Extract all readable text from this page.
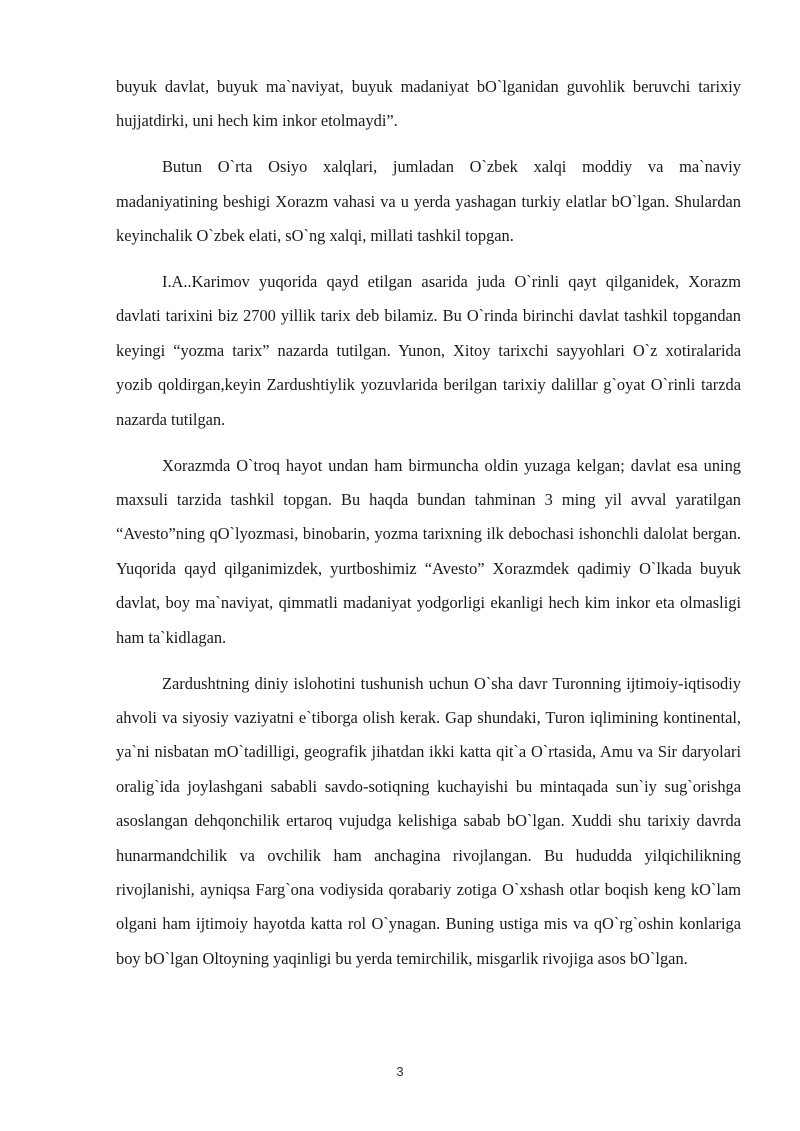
buyuk davlat, buyuk ma`naviyat, buyuk madaniyat bO`lganidan guvohlik beruvchi tarixiy hujjatdirki, uni hech kim inkor etolmaydi”.

Butun O`rta Osiyo xalqlari, jumladan O`zbek xalqi moddiy va ma`naviy madaniyatining beshigi Xorazm vahasi va u yerda yashagan turkiy elatlar bO`lgan. Shulardan keyinchalik O`zbek elati, sO`ng xalqi, millati tashkil topgan.

I.A..Karimov yuqorida qayd etilgan asarida juda O`rinli qayt qilganidek, Xorazm davlati tarixini biz 2700 yillik tarix deb bilamiz. Bu O`rinda birinchi davlat tashkil topgandan keyingi “yozma tarix” nazarda tutilgan. Yunon, Xitoy tarixchi sayyohlari O`z xotiralarida yozib qoldirgan,keyin Zardushtiylik yozuvlarida berilgan tarixiy dalillar g`oyat O`rinli tarzda nazarda tutilgan.

Xorazmda O`troq hayot undan ham birmuncha oldin yuzaga kelgan; davlat esa uning maxsuli tarzida tashkil topgan. Bu haqda bundan tahminan 3 ming yil avval yaratilgan “Avesto”ning qO`lyozmasi, binobarin, yozma tarixning ilk debochasi ishonchli dalolat bergan. Yuqorida qayd qilganimizdek, yurtboshimiz “Avesto” Xorazmdek qadimiy O`lkada buyuk davlat, boy ma`naviyat, qimmatli madaniyat yodgorligi ekanligi hech kim inkor eta olmasligi ham ta`kidlagan.

Zardushtning diniy islohotini tushunish uchun O`sha davr Turonning ijtimoiy-iqtisodiy ahvoli va siyosiy vaziyatni e`tiborga olish kerak. Gap shundaki, Turon iqlimining kontinental, ya`ni nisbatan mO`tadilligi, geografik jihatdan ikki katta qit`a O`rtasida, Amu va Sir daryolari oralig`ida joylashgani sababli savdo-sotiqning kuchayishi bu mintaqada sun`iy sug`orishga asoslangan dehqonchilik ertaroq vujudga kelishiga sabab bO`lgan. Xuddi shu tarixiy davrda hunarmandchilik va ovchilik ham anchagina rivojlangan. Bu hududda yilqichilikning rivojlanishi, ayniqsa Farg`ona vodiysida qorabariy zotiga O`xshash otlar boqish keng kO`lam olgani ham ijtimoiy hayotda katta rol O`ynagan. Buning ustiga mis va qO`rg`oshin konlariga boy bO`lgan Oltoyning yaqinligi bu yerda temirchilik, misgarlik rivojiga asos bO`lgan.

3
